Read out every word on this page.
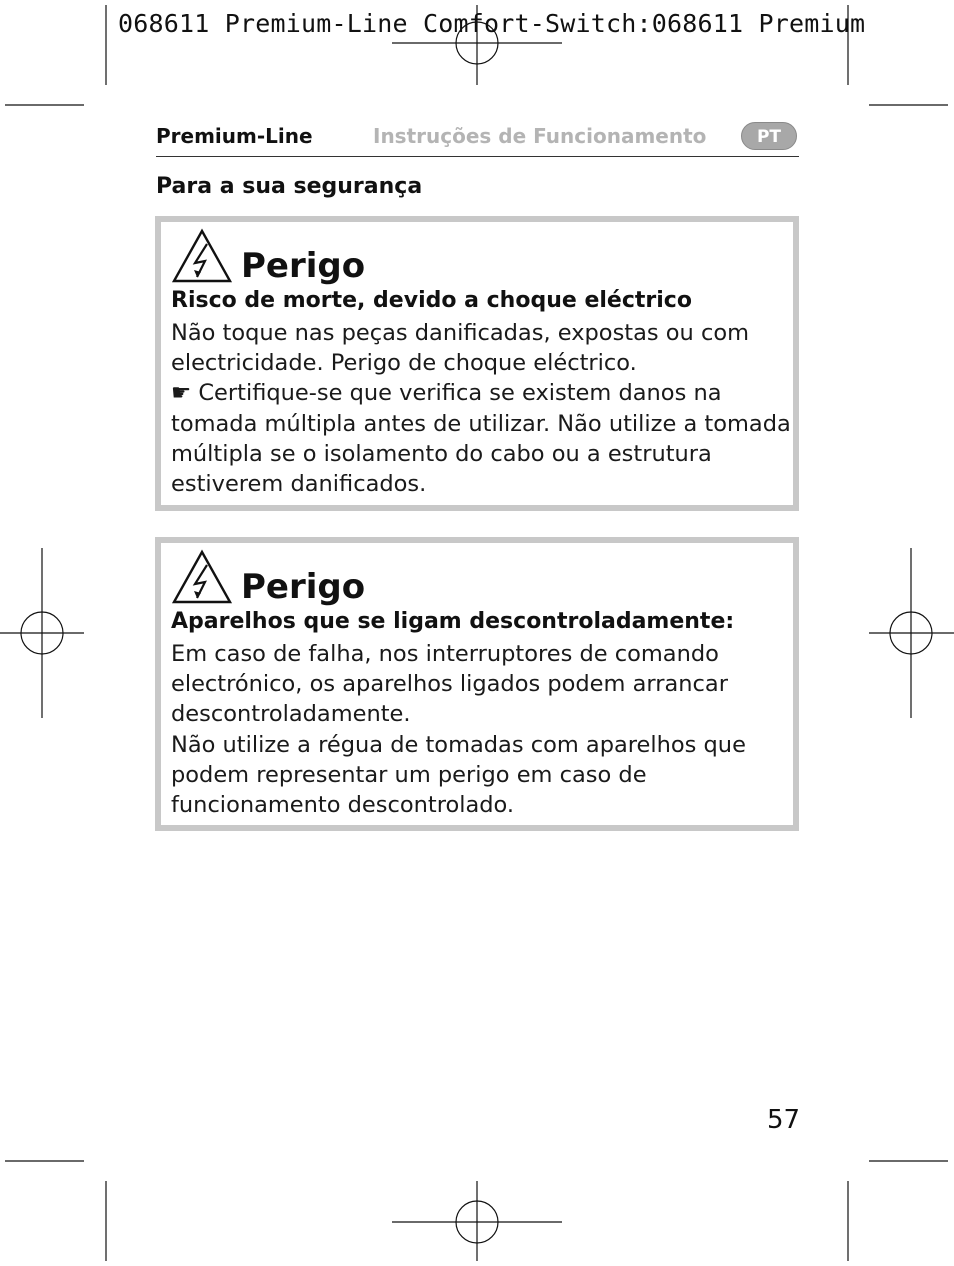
068611 Premium-Line Comfort-Switch:068611 Premium
Premium-Line	Instruções de Funcionamento	PT
Para a sua segurança
Perigo
Risco de morte, devido a choque eléctrico

Não toque nas peças danificadas, expostas ou com electricidade. Perigo de choque eléctrico.

☛ Certifique-se que verifica se existem danos na tomada múltipla antes de utilizar. Não utilize a tomada múltipla se o isolamento do cabo ou a estrutura estiverem danificados.

Perigo
Aparelhos que se ligam descontroladamente:

Em caso de falha, nos interruptores de comando electrónico, os aparelhos ligados podem arrancar descontroladamente.

Não utilize a régua de tomadas com aparelhos que podem representar um perigo em caso de funcionamento descontrolado.

57
